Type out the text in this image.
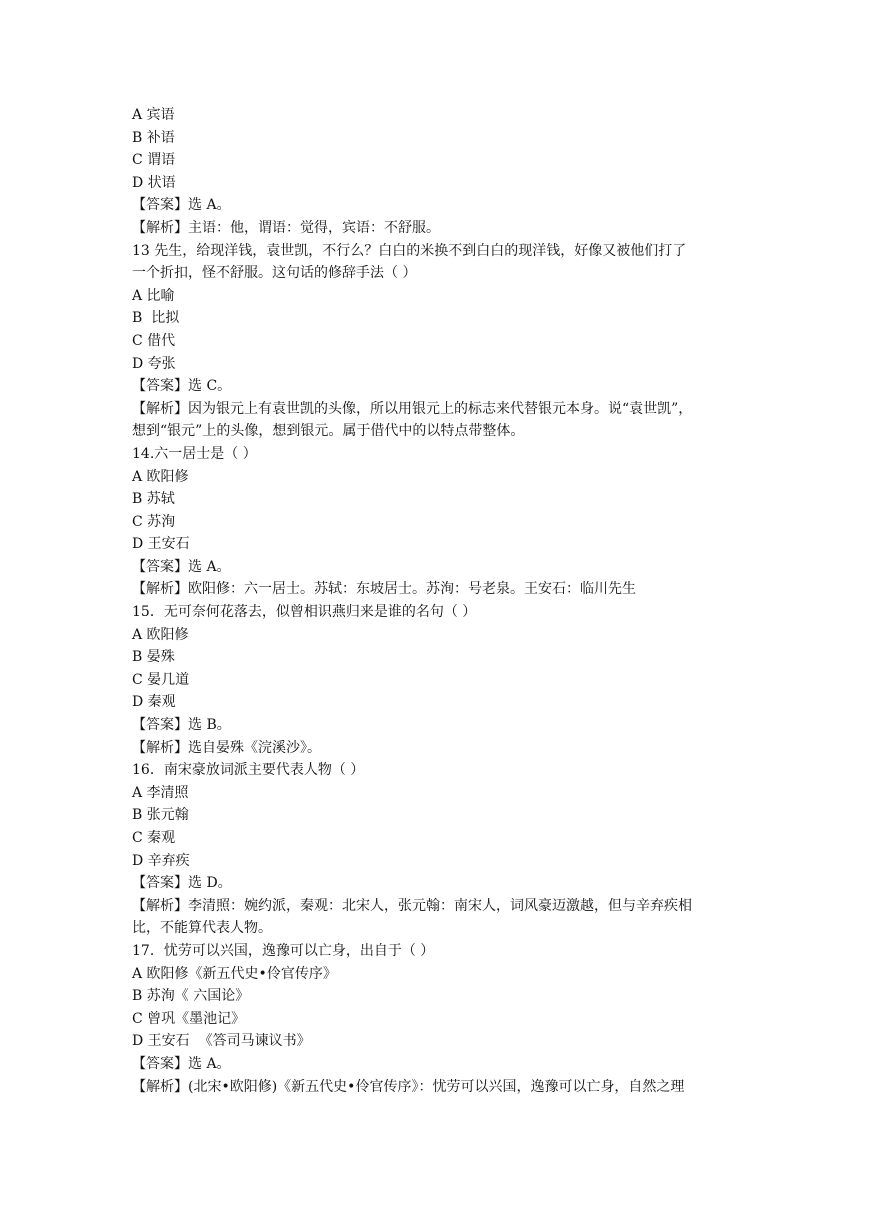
A 宾语
B 补语
C 谓语
D 状语
【答案】选 A。
【解析】主语：他，谓语：觉得，宾语：不舒服。
13 先生，给现洋钱，袁世凯，不行么？白白的米换不到白白的现洋钱，好像又被他们打了
一个折扣，怪不舒服。这句话的修辞手法（ ）
A 比喻
B  比拟
C 借代
D 夸张
【答案】选 C。
【解析】因为银元上有袁世凯的头像，所以用银元上的标志来代替银元本身。说“袁世凯”，
想到“银元”上的头像，想到银元。属于借代中的以特点带整体。
14.六一居士是（ ）
A 欧阳修
B 苏轼
C 苏洵
D 王安石
【答案】选 A。
【解析】欧阳修：六一居士。苏轼：东坡居士。苏洵：号老泉。王安石：临川先生
15．无可奈何花落去，似曾相识燕归来是谁的名句（ ）
A 欧阳修
B 晏殊
C 晏几道
D 秦观
【答案】选 B。
【解析】选自晏殊《浣溪沙》。
16．南宋豪放词派主要代表人物（ ）
A 李清照
B 张元翰
C 秦观
D 辛弃疾
【答案】选 D。
【解析】李清照：婉约派，秦观：北宋人，张元翰：南宋人，词风豪迈激越，但与辛弃疾相
比，不能算代表人物。
17．忧劳可以兴国，逸豫可以亡身，出自于（ ）
A 欧阳修《新五代史•伶官传序》
B 苏洵《 六国论》
C 曾巩《墨池记》
D 王安石  《答司马谏议书》
【答案】选 A。
【解析】(北宋•欧阳修)《新五代史•伶官传序》：忧劳可以兴国，逸豫可以亡身，自然之理
